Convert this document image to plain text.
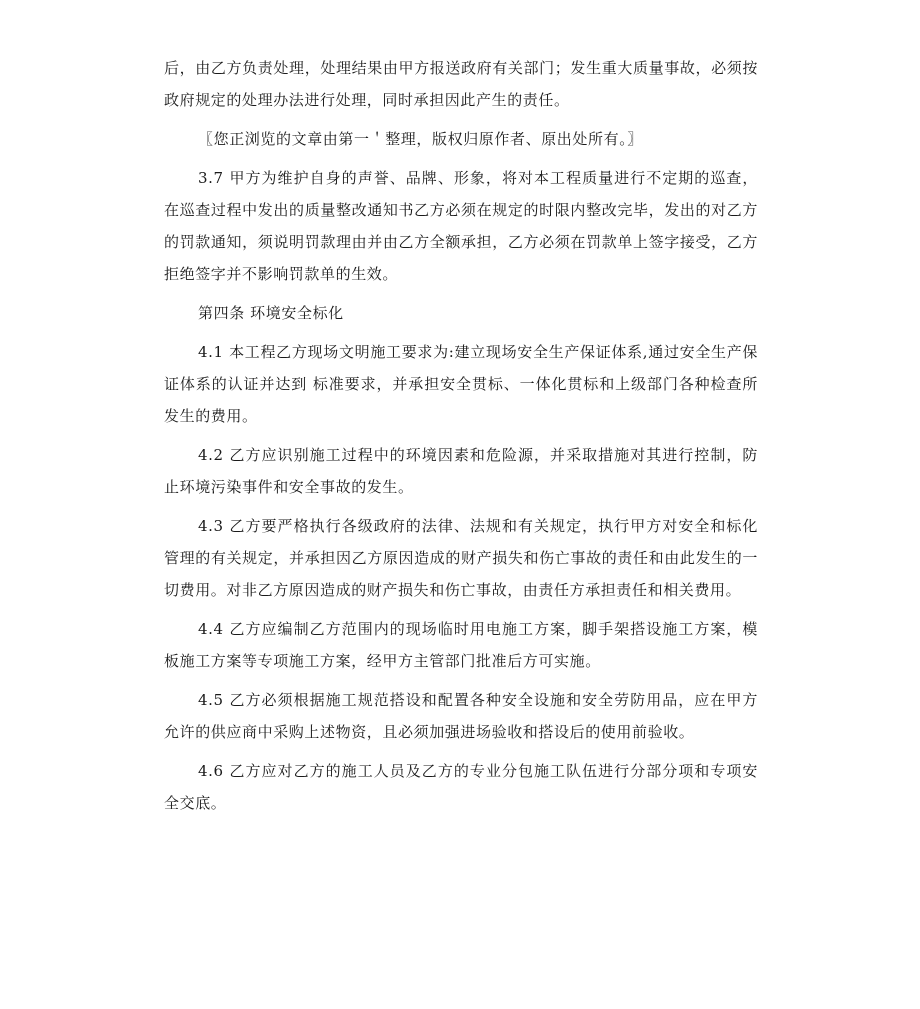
后，由乙方负责处理，处理结果由甲方报送政府有关部门；发生重大质量事故，必须按政府规定的处理办法进行处理，同时承担因此产生的责任。

〖您正浏览的文章由第一＇整理，版权归原作者、原出处所有。〗

3.7 甲方为维护自身的声誉、品牌、形象，将对本工程质量进行不定期的巡查，在巡查过程中发出的质量整改通知书乙方必须在规定的时限内整改完毕，发出的对乙方的罚款通知，须说明罚款理由并由乙方全额承担，乙方必须在罚款单上签字接受，乙方拒绝签字并不影响罚款单的生效。

第四条 环境安全标化

4.1 本工程乙方现场文明施工要求为:建立现场安全生产保证体系,通过安全生产保证体系的认证并达到 标准要求，并承担安全贯标、一体化贯标和上级部门各种检查所发生的费用。

4.2 乙方应识别施工过程中的环境因素和危险源，并采取措施对其进行控制，防止环境污染事件和安全事故的发生。

4.3 乙方要严格执行各级政府的法律、法规和有关规定，执行甲方对安全和标化管理的有关规定，并承担因乙方原因造成的财产损失和伤亡事故的责任和由此发生的一切费用。对非乙方原因造成的财产损失和伤亡事故，由责任方承担责任和相关费用。

4.4 乙方应编制乙方范围内的现场临时用电施工方案，脚手架搭设施工方案，模板施工方案等专项施工方案，经甲方主管部门批准后方可实施。

4.5 乙方必须根据施工规范搭设和配置各种安全设施和安全劳防用品，应在甲方允许的供应商中采购上述物资，且必须加强进场验收和搭设后的使用前验收。

4.6 乙方应对乙方的施工人员及乙方的专业分包施工队伍进行分部分项和专项安全交底。
